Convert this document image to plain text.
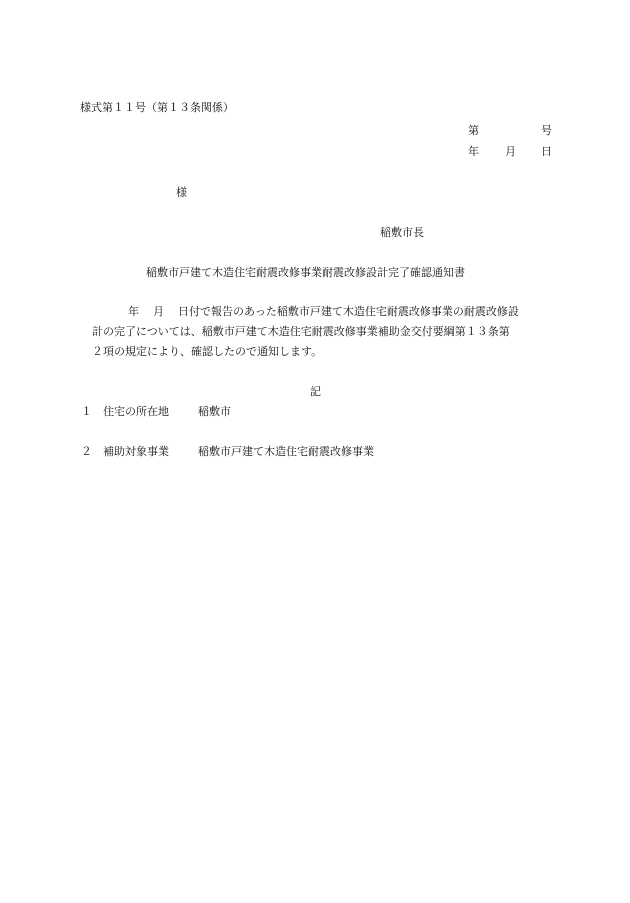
様式第１１号（第１３条関係）
第	号
年 月 日
様
稲敷市長
稲敷市戸建て木造住宅耐震改修事業耐震改修設計完了確認通知書
年 月 日付で報告のあった稲敷市戸建て木造住宅耐震改修事業の耐震改修設
計の完了については、稲敷市戸建て木造住宅耐震改修事業補助金交付要綱第１３条第
２項の規定により、確認したので通知します。
記
１ 住宅の所在地	稲敷市
２ 補助対象事業	稲敷市戸建て木造住宅耐震改修事業
